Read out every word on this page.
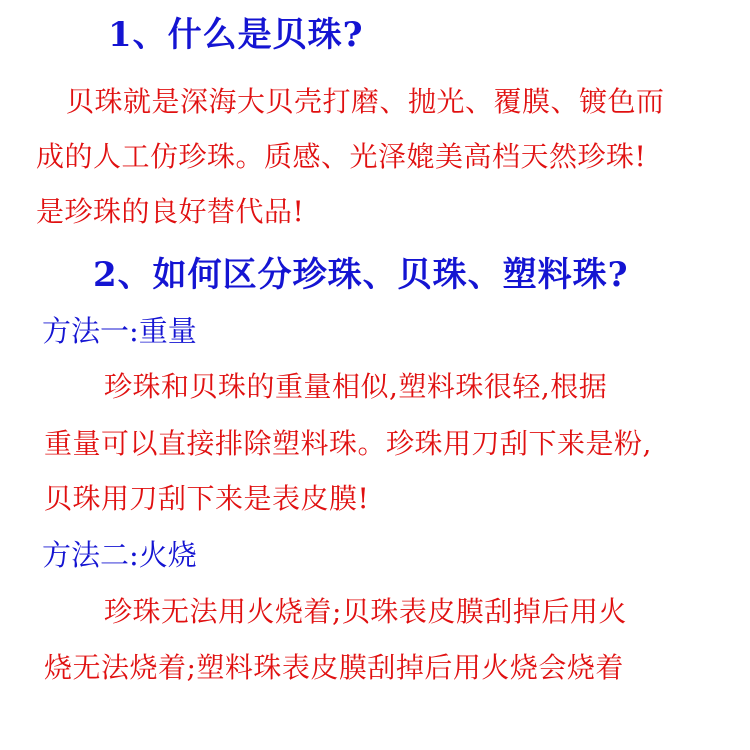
1、什么是贝珠?

贝珠就是深海大贝壳打磨、抛光、覆膜、镀色而

成的人工仿珍珠。质感、光泽媲美高档天然珍珠!

是珍珠的良好替代品!

2、如何区分珍珠、贝珠、塑料珠?
方法一:重量

珍珠和贝珠的重量相似,塑料珠很轻,根据

重量可以直接排除塑料珠。珍珠用刀刮下来是粉,

贝珠用刀刮下来是表皮膜!

方法二:火烧

珍珠无法用火烧着;贝珠表皮膜刮掉后用火

烧无法烧着;塑料珠表皮膜刮掉后用火烧会烧着
